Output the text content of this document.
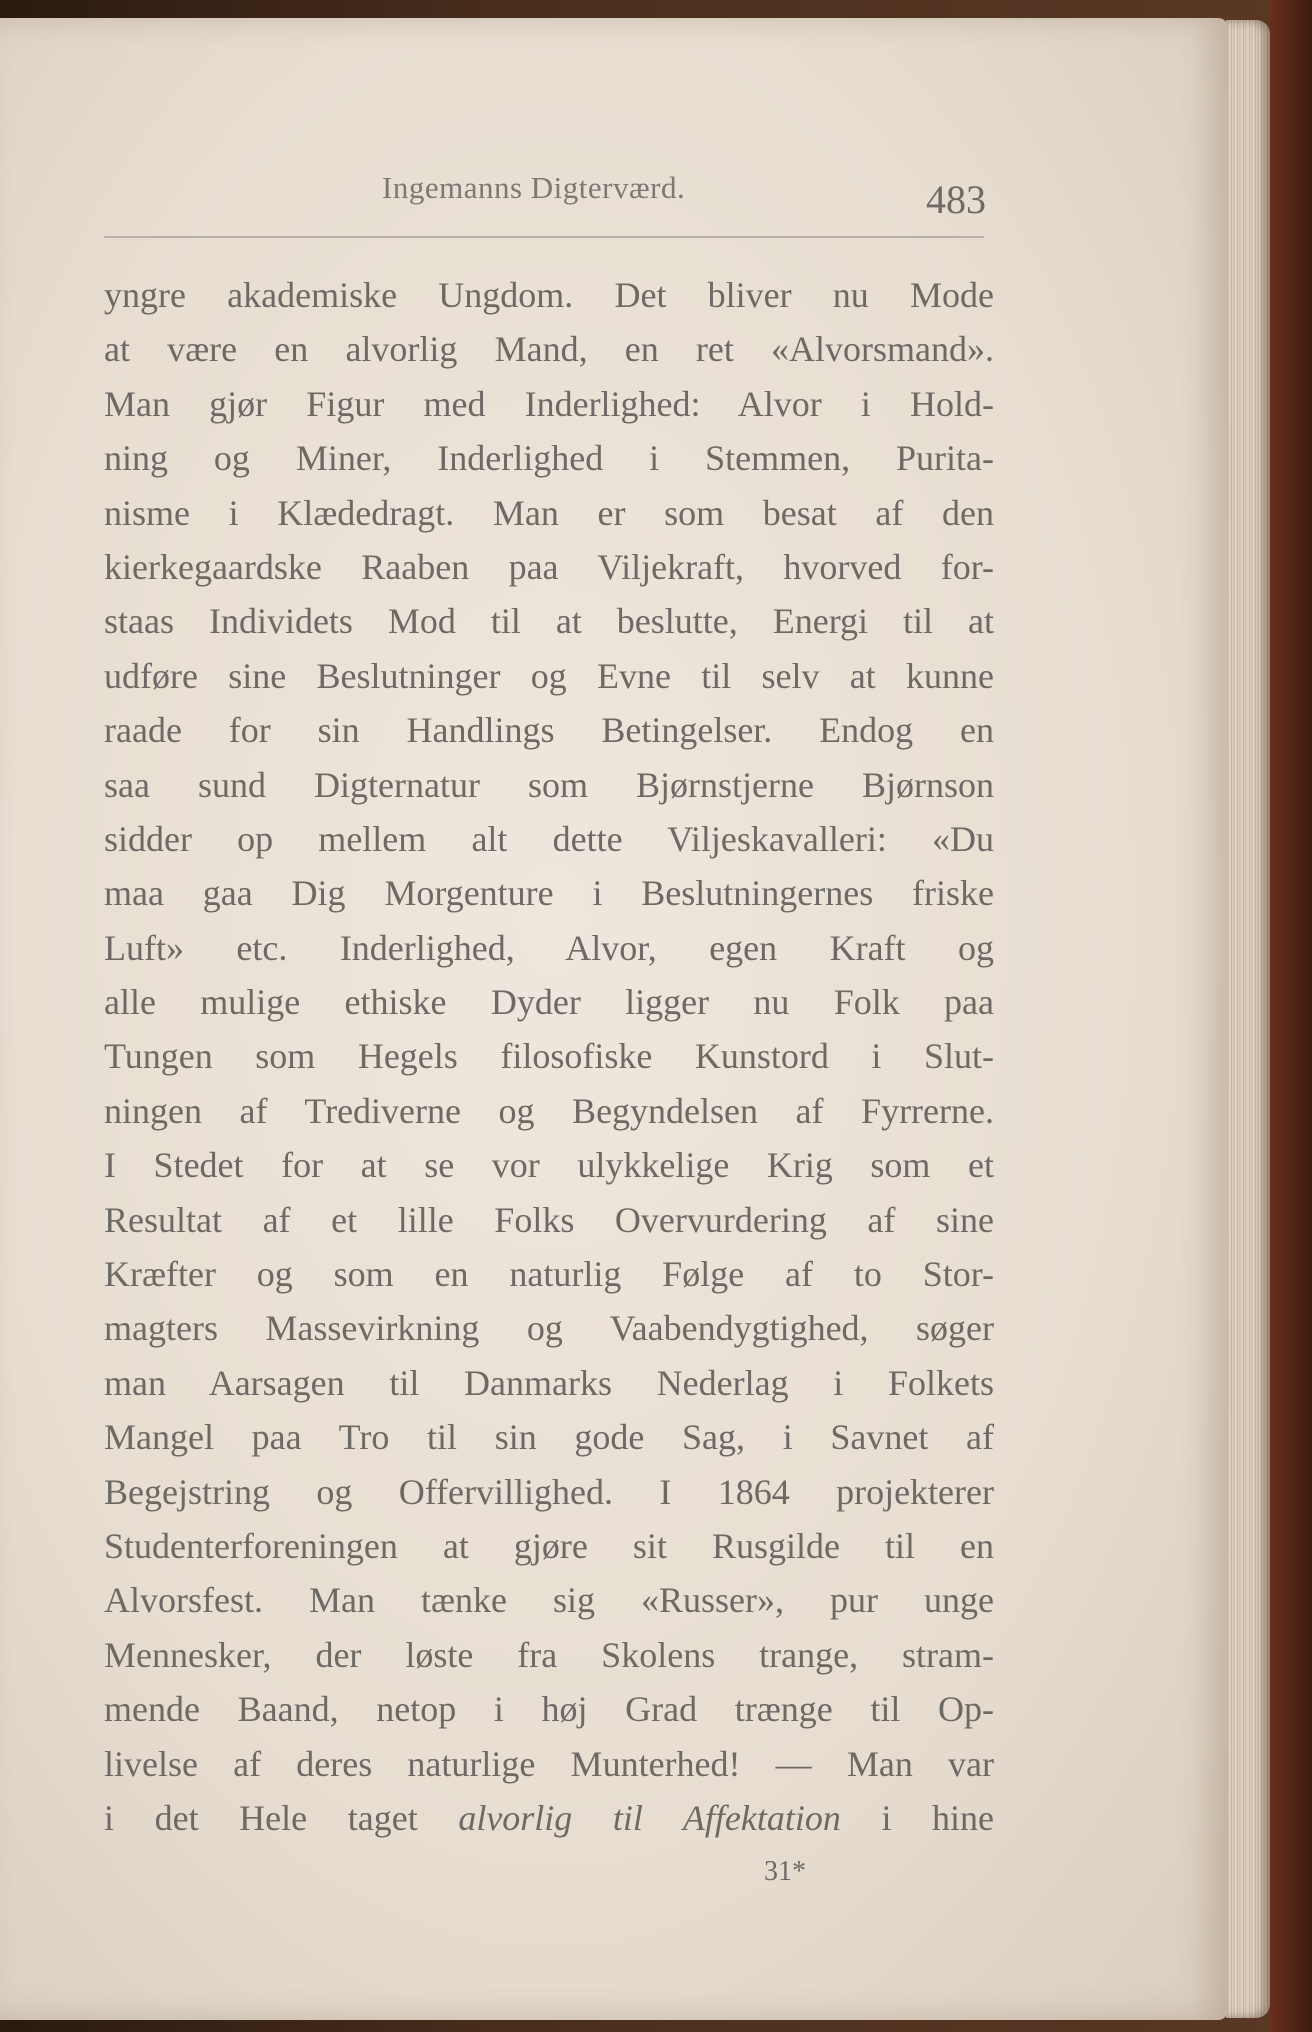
Ingemanns Digterværd.	483
yngre akademiske Ungdom. Det bliver nu Mode
at være en alvorlig Mand, en ret «Alvorsmand».
Man gjør Figur med Inderlighed: Alvor i Hold-
ning og Miner, Inderlighed i Stemmen, Purita-
nisme i Klædedragt. Man er som besat af den
kierkegaardske Raaben paa Viljekraft, hvorved for-
staas Individets Mod til at beslutte, Energi til at
udføre sine Beslutninger og Evne til selv at kunne
raade for sin Handlings Betingelser. Endog en
saa sund Digternatur som Bjørnstjerne Bjørnson
sidder op mellem alt dette Viljeskavalleri: «Du
maa gaa Dig Morgenture i Beslutningernes friske
Luft» etc. Inderlighed, Alvor, egen Kraft og
alle mulige ethiske Dyder ligger nu Folk paa
Tungen som Hegels filosofiske Kunstord i Slut-
ningen af Trediverne og Begyndelsen af Fyrrerne.
I Stedet for at se vor ulykkelige Krig som et
Resultat af et lille Folks Overvurdering af sine
Kræfter og som en naturlig Følge af to Stor-
magters Massevirkning og Vaabendygtighed, søger
man Aarsagen til Danmarks Nederlag i Folkets
Mangel paa Tro til sin gode Sag, i Savnet af
Begejstring og Offervillighed. I 1864 projekterer
Studenterforeningen at gjøre sit Rusgilde til en
Alvorsfest. Man tænke sig «Russer», pur unge
Mennesker, der løste fra Skolens trange, stram-
mende Baand, netop i høj Grad trænge til Op-
livelse af deres naturlige Munterhed! — Man var
i det Hele taget alvorlig til Affektation i hine
31*
